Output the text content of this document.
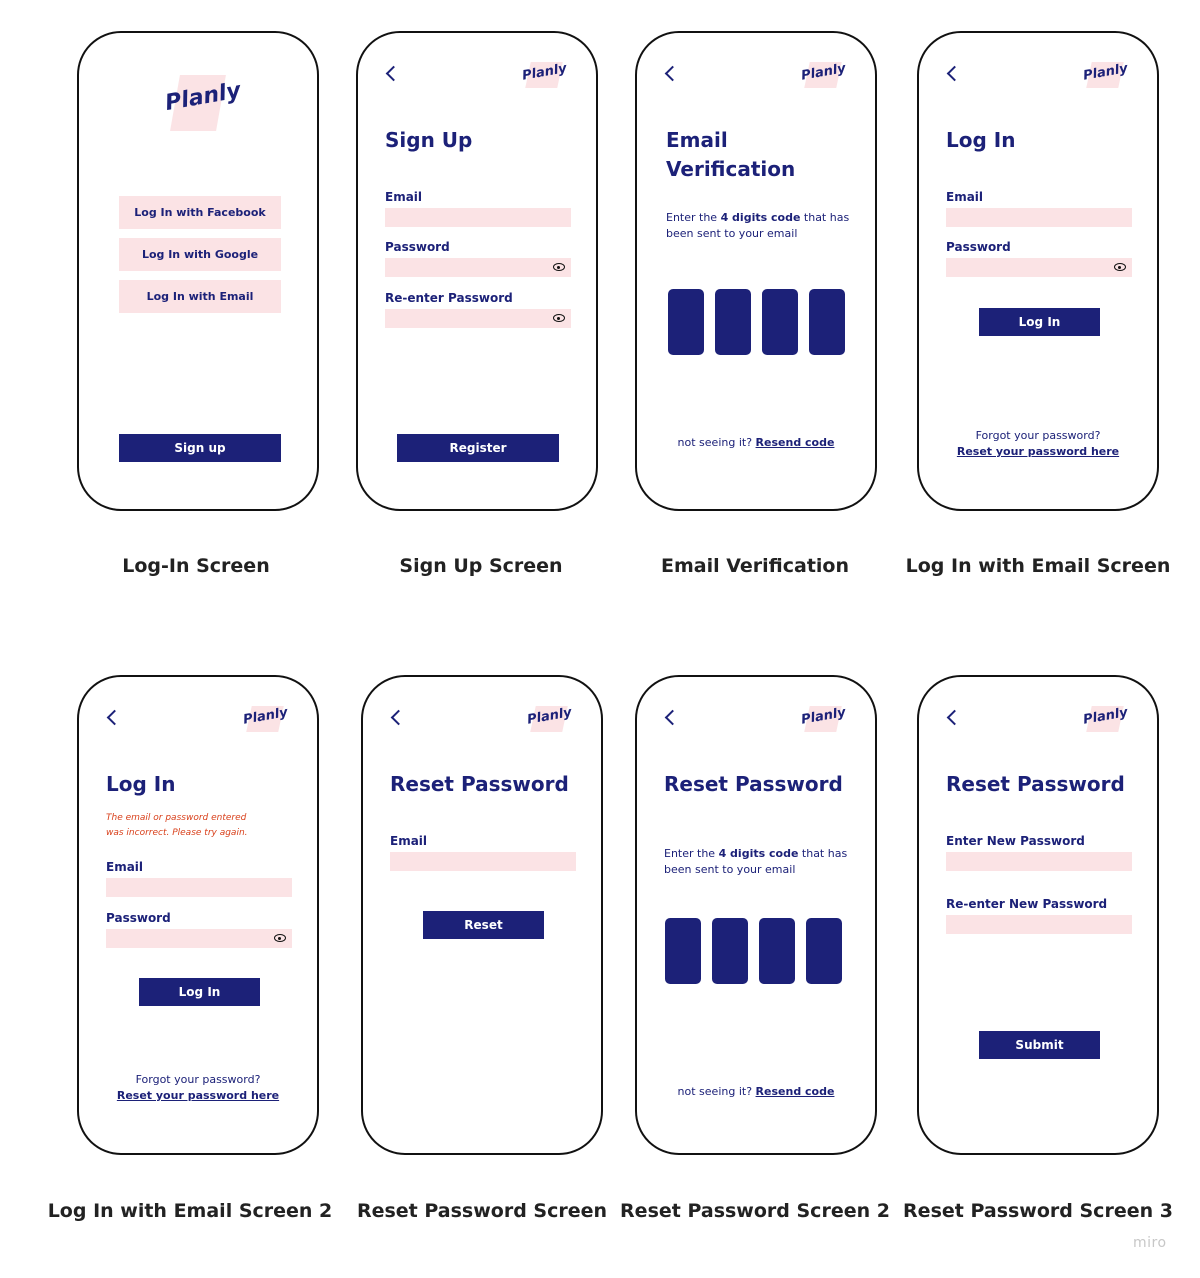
Planly
Log In with Facebook
Log In with Google
Log In with Email
Sign up
Log-In Screen
Planly
Sign Up
Email
Password
Re-enter Password
Register
Sign Up Screen
Planly
Email
Verification
Enter the 4 digits code that has
been sent to your email
not seeing it? Resend code
Email Verification
Planly
Log In
Email
Password
Log In
Forgot your password?
Reset your password here
Log In with Email Screen
Planly
Log In
The email or password entered
was incorrect. Please try again.
Email
Password
Log In
Forgot your password?
Reset your password here
Log In with Email Screen 2
Planly
Reset Password
Email
Reset
Reset Password Screen
Planly
Reset Password
Enter the 4 digits code that has
been sent to your email
not seeing it? Resend code
Reset Password Screen 2
Planly
Reset Password
Enter New Password
Re-enter New Password
Submit
Reset Password Screen 3
miro
